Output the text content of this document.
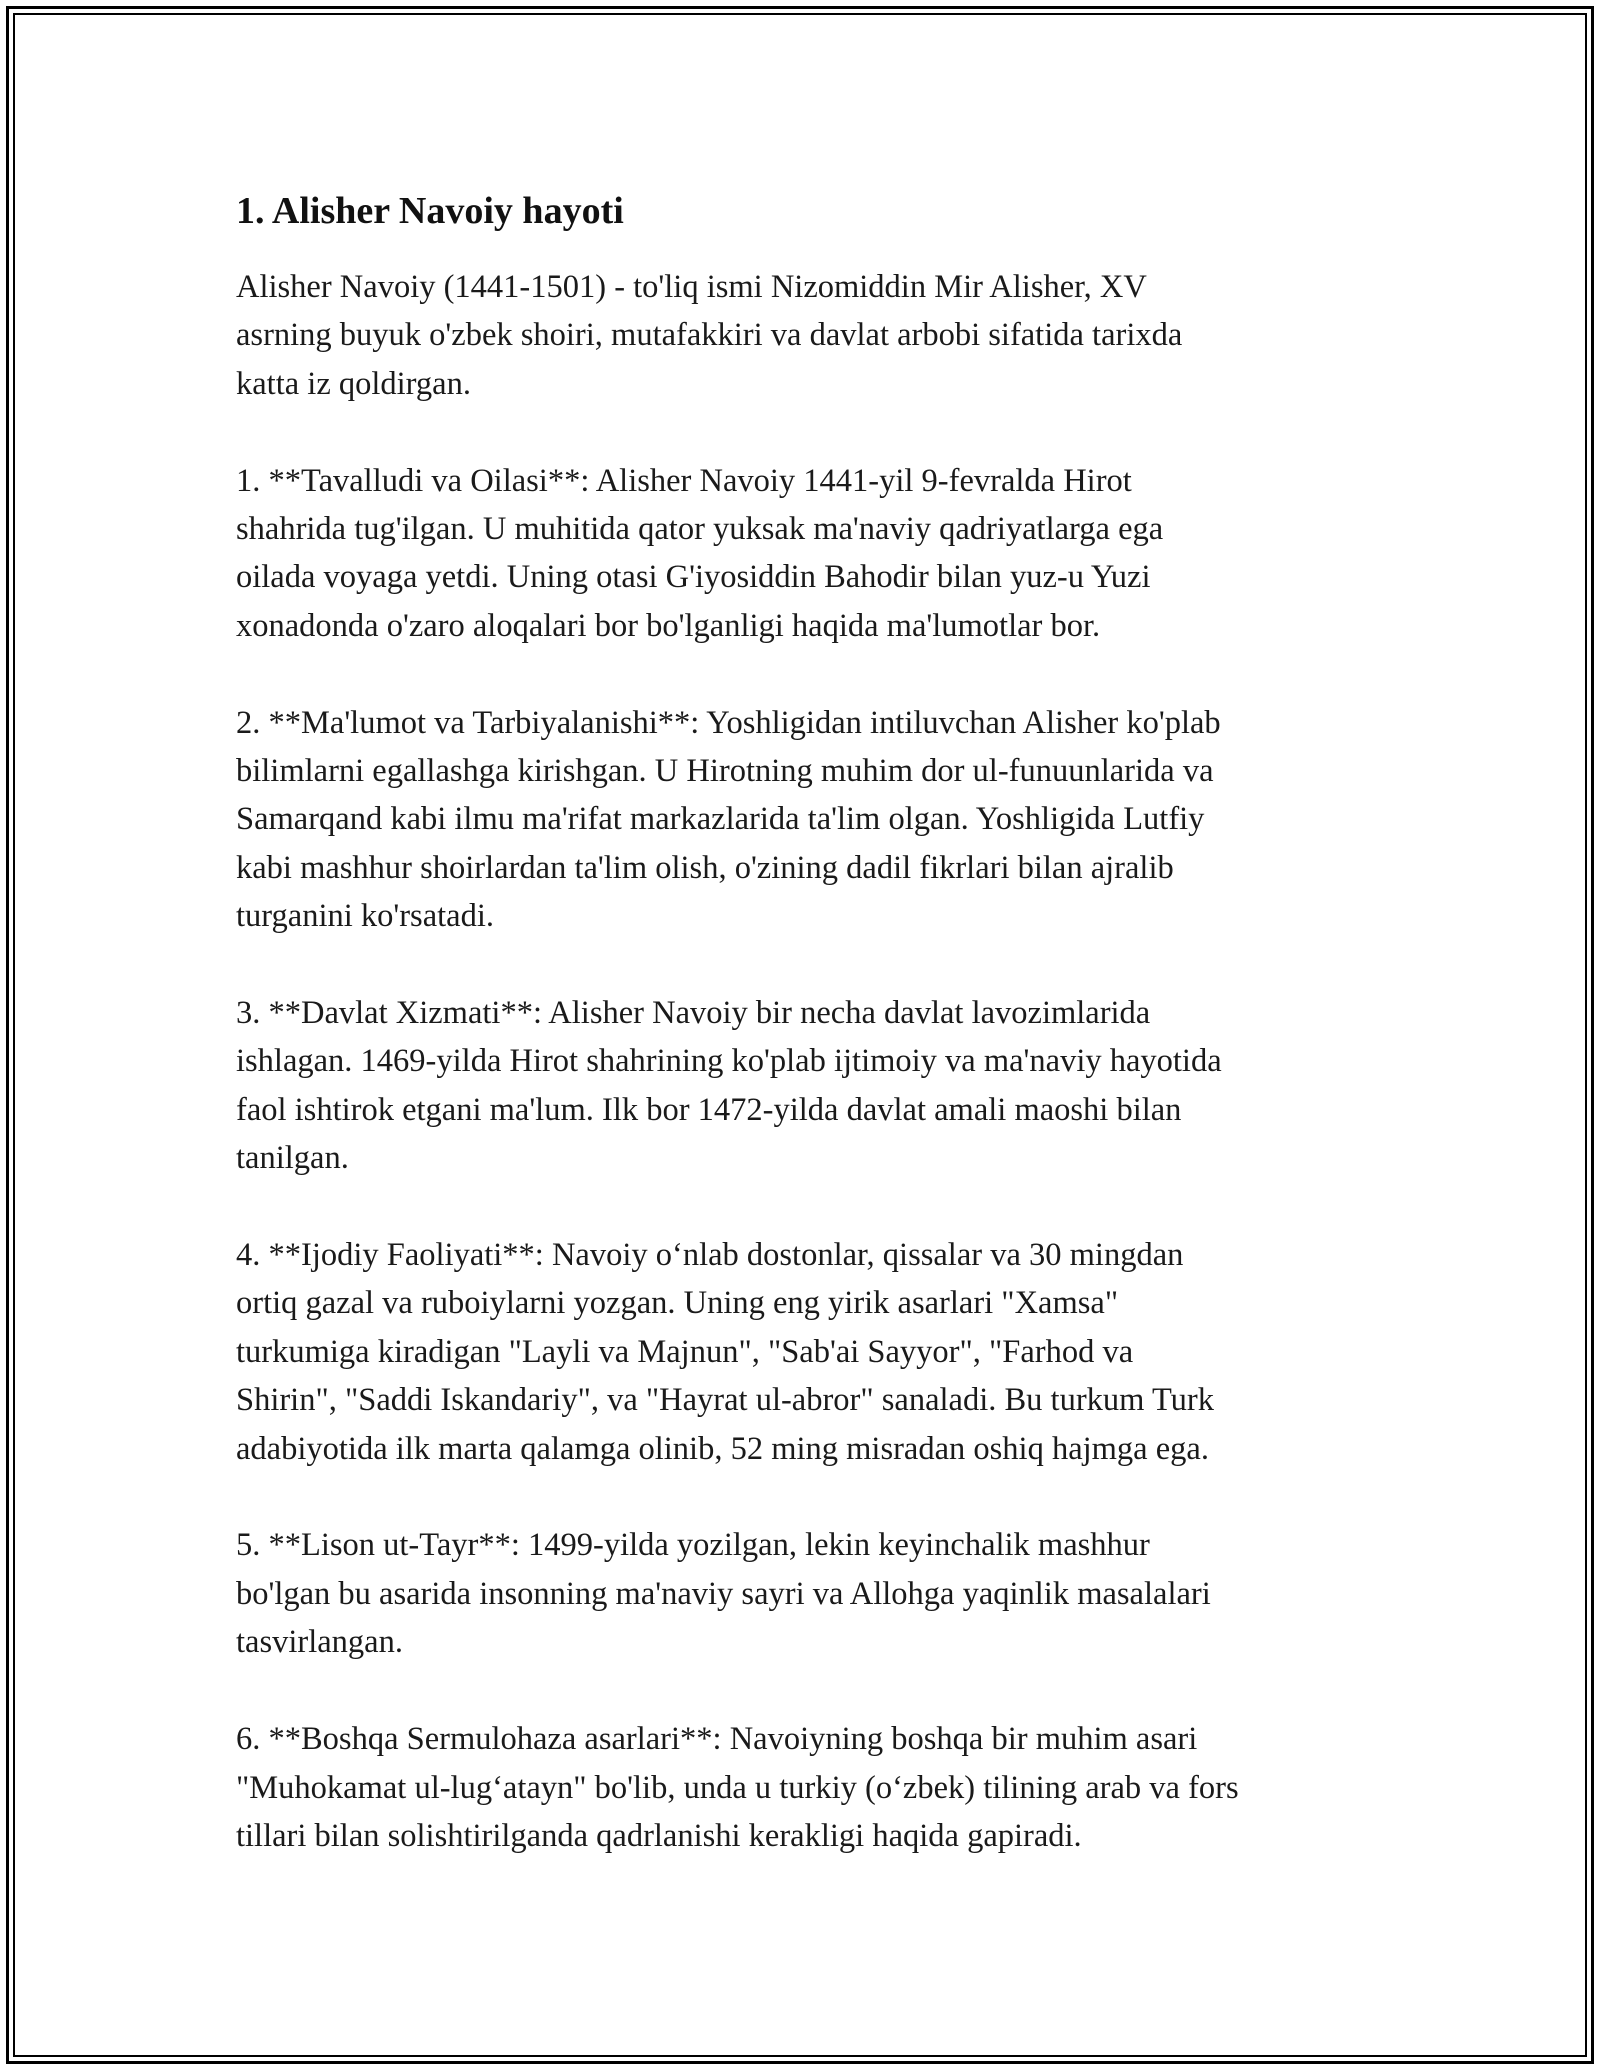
1. Alisher Navoiy hayoti
Alisher Navoiy (1441-1501) - to'liq ismi Nizomiddin Mir Alisher, XV
asrning buyuk o'zbek shoiri, mutafakkiri va davlat arbobi sifatida tarixda
katta iz qoldirgan.
1. **Tavalludi va Oilasi**: Alisher Navoiy 1441-yil 9-fevralda Hirot
shahrida tug'ilgan. U muhitida qator yuksak ma'naviy qadriyatlarga ega
oilada voyaga yetdi. Uning otasi G'iyosiddin Bahodir bilan yuz-u Yuzi
xonadonda o'zaro aloqalari bor bo'lganligi haqida ma'lumotlar bor.
2. **Ma'lumot va Tarbiyalanishi**: Yoshligidan intiluvchan Alisher ko'plab
bilimlarni egallashga kirishgan. U Hirotning muhim dor ul-funuunlarida va
Samarqand kabi ilmu ma'rifat markazlarida ta'lim olgan. Yoshligida Lutfiy
kabi mashhur shoirlardan ta'lim olish, o'zining dadil fikrlari bilan ajralib
turganini ko'rsatadi.
3. **Davlat Xizmati**: Alisher Navoiy bir necha davlat lavozimlarida
ishlagan. 1469-yilda Hirot shahrining ko'plab ijtimoiy va ma'naviy hayotida
faol ishtirok etgani ma'lum. Ilk bor 1472-yilda davlat amali maoshi bilan
tanilgan.
4. **Ijodiy Faoliyati**: Navoiy o‘nlab dostonlar, qissalar va 30 mingdan
ortiq gazal va ruboiylarni yozgan. Uning eng yirik asarlari "Xamsa"
turkumiga kiradigan "Layli va Majnun", "Sab'ai Sayyor", "Farhod va
Shirin", "Saddi Iskandariy", va "Hayrat ul-abror" sanaladi. Bu turkum Turk
adabiyotida ilk marta qalamga olinib, 52 ming misradan oshiq hajmga ega.
5. **Lison ut-Tayr**: 1499-yilda yozilgan, lekin keyinchalik mashhur
bo'lgan bu asarida insonning ma'naviy sayri va Allohga yaqinlik masalalari
tasvirlangan.
6. **Boshqa Sermulohaza asarlari**: Navoiyning boshqa bir muhim asari
"Muhokamat ul-lug‘atayn" bo'lib, unda u turkiy (o‘zbek) tilining arab va fors
tillari bilan solishtirilganda qadrlanishi kerakligi haqida gapiradi.
